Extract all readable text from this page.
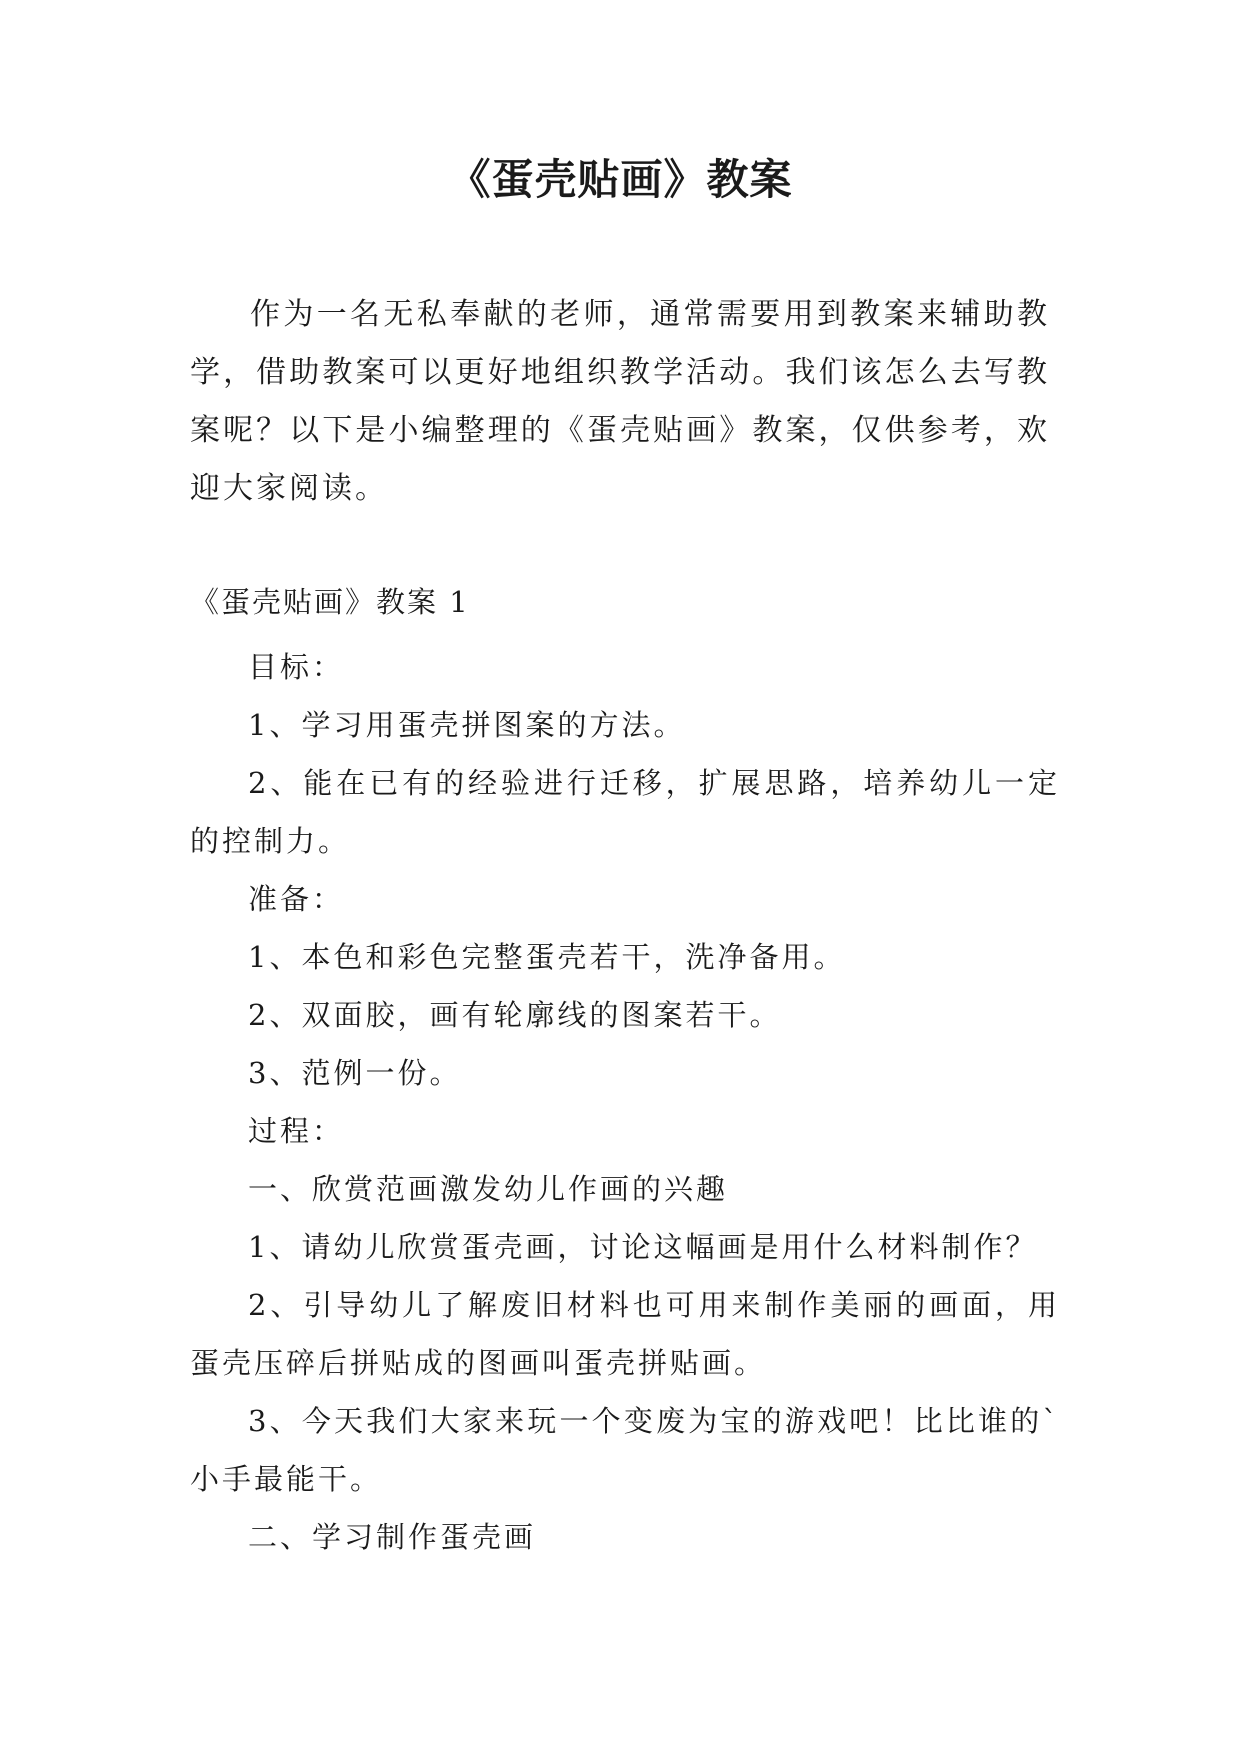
《蛋壳贴画》教案

作为一名无私奉献的老师，通常需要用到教案来辅助教学，借助教案可以更好地组织教学活动。我们该怎么去写教案呢？以下是小编整理的《蛋壳贴画》教案，仅供参考，欢迎大家阅读。

《蛋壳贴画》教案 1

目标：

1、学习用蛋壳拼图案的方法。

2、能在已有的经验进行迁移，扩展思路，培养幼儿一定的控制力。

准备：

1、本色和彩色完整蛋壳若干，洗净备用。

2、双面胶，画有轮廓线的图案若干。

3、范例一份。

过程：

一、欣赏范画激发幼儿作画的兴趣

1、请幼儿欣赏蛋壳画，讨论这幅画是用什么材料制作？

2、引导幼儿了解废旧材料也可用来制作美丽的画面，用蛋壳压碎后拼贴成的图画叫蛋壳拼贴画。

3、今天我们大家来玩一个变废为宝的游戏吧！比比谁的`小手最能干。

二、学习制作蛋壳画
